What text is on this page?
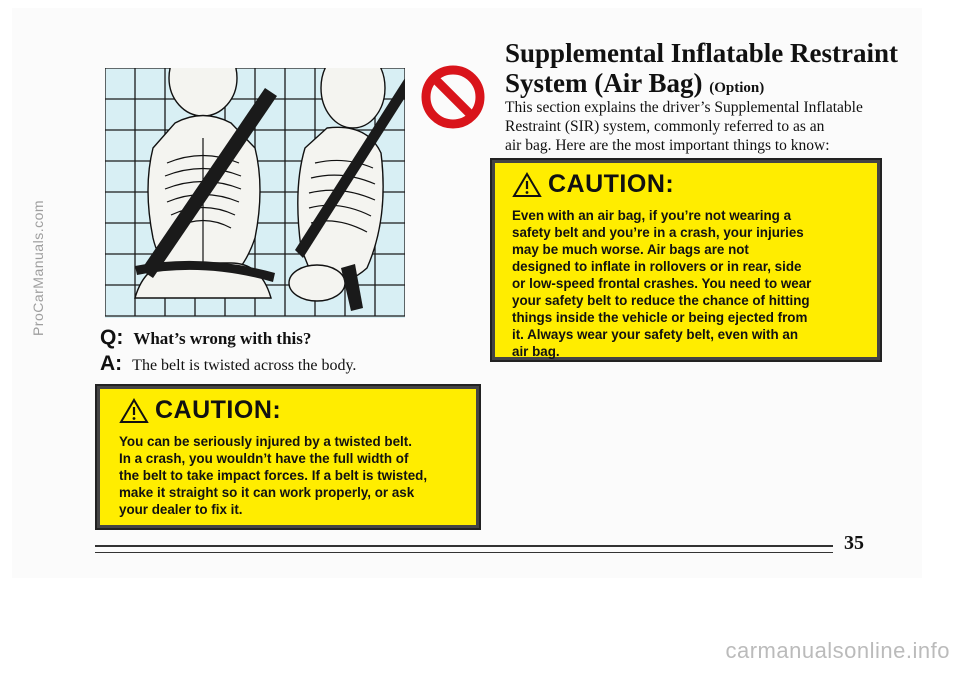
Q: What’s wrong with this?
A: The belt is twisted across the body.
CAUTION:
You can be seriously injured by a twisted belt.
In a crash, you wouldn’t have the full width of
the belt to take impact forces. If a belt is twisted,
make it straight so it can work properly, or ask
your dealer to fix it.
Supplemental Inflatable Restraint
System (Air Bag) (Option)
This section explains the driver’s Supplemental Inflatable
Restraint (SIR) system, commonly referred to as an
air bag. Here are the most important things to know:
CAUTION:
Even with an air bag, if you’re not wearing a
safety belt and you’re in a crash, your injuries
may be much worse. Air bags are not
designed to inflate in rollovers or in rear, side
or low-speed frontal crashes. You need to wear
your safety belt to reduce the chance of hitting
things inside the vehicle or being ejected from
it. Always wear your safety belt, even with an
air bag.
35
ProCarManuals.com
carmanualsonline.info
